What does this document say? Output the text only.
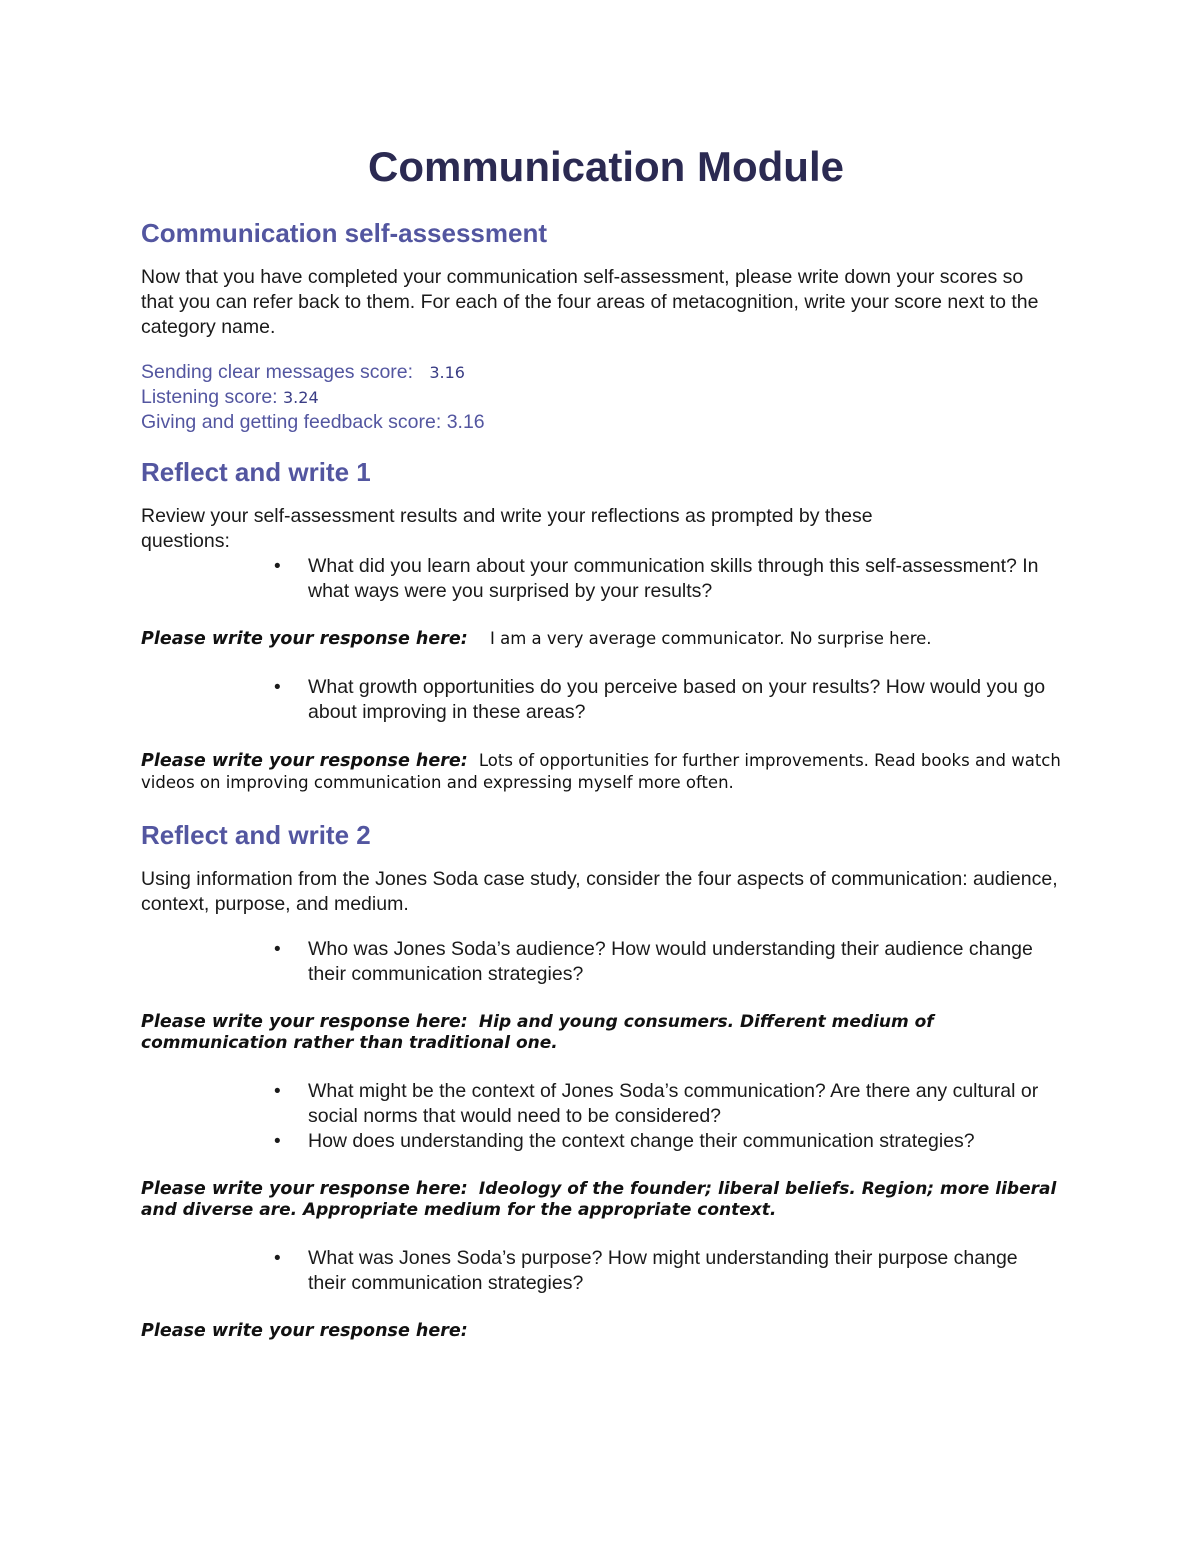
Communication Module
Communication self-assessment

Now that you have completed your communication self-assessment, please write down your scores so that you can refer back to them. For each of the four areas of metacognition, write your score next to the category name.

Sending clear messages score: 3.16
Listening score: 3.24
Giving and getting feedback score: 3.16
Reflect and write 1

Review your self-assessment results and write your reflections as prompted by these questions:

• What did you learn about your communication skills through this self-assessment? In what ways were you surprised by your results?

Please write your response here: I am a very average communicator. No surprise here.

• What growth opportunities do you perceive based on your results? How would you go about improving in these areas?

Please write your response here: Lots of opportunities for further improvements. Read books and watch videos on improving communication and expressing myself more often.

Reflect and write 2

Using information from the Jones Soda case study, consider the four aspects of communication: audience, context, purpose, and medium.

• Who was Jones Soda’s audience? How would understanding their audience change their communication strategies?

Please write your response here: Hip and young consumers. Different medium of communication rather than traditional one.

• What might be the context of Jones Soda’s communication? Are there any cultural or social norms that would need to be considered?
• How does understanding the context change their communication strategies?

Please write your response here: Ideology of the founder; liberal beliefs. Region; more liberal and diverse are. Appropriate medium for the appropriate context.

• What was Jones Soda’s purpose? How might understanding their purpose change their communication strategies?

Please write your response here:
